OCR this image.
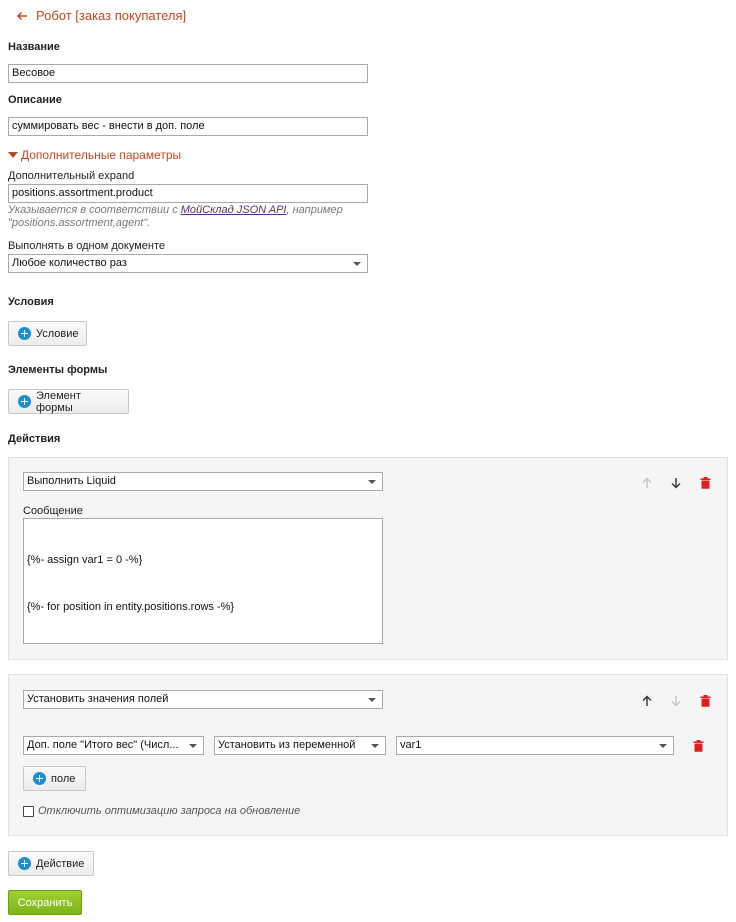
Робот [заказ покупателя]
Название
Весовое
Описание
суммировать вес - внести в доп. поле
Дополнительные параметры
Дополнительный expand
positions.assortment.product
Указывается в соответствии с МойСклад JSON API, например
"positions.assortment,agent".
Выполнять в одном документе
Любое количество раз
Условия
Условие
Элементы формы
Элемент формы
Действия
Выполнить Liquid
Сообщение

{%- assign var1 = 0 -%}

{%- for position in entity.positions.rows -%}

Установить значения полей
Доп. поле "Итого вес" (Числ...	Установить из переменной	var1
поле
Отключить оптимизацию запроса на обновление
Действие
Сохранить
